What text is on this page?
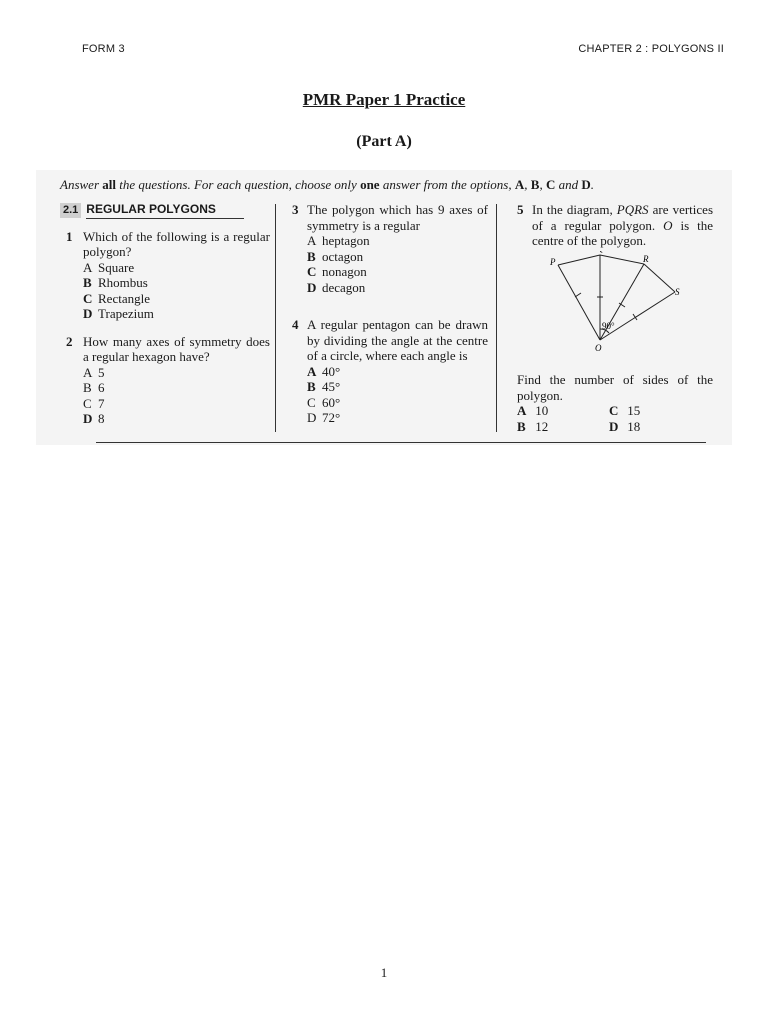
FORM 3	CHAPTER 2 : POLYGONS II
PMR Paper 1 Practice
(Part A)
Answer all the questions. For each question, choose only one answer from the options, A, B, C and D.
2.1 REGULAR POLYGONS
1 Which of the following is a regular polygon?
A Square
B Rhombus
C Rectangle
D Trapezium
2 How many axes of symmetry does a regular hexagon have?
A 5
B 6
C 7
D 8
3 The polygon which has 9 axes of symmetry is a regular
A heptagon
B octagon
C nonagon
D decagon
4 A regular pentagon can be drawn by dividing the angle at the centre of a circle, where each angle is
A 40°
B 45°
C 60°
D 72°
5 In the diagram, PQRS are vertices of a regular polygon. O is the centre of the polygon.
P	R
S
O
90°
Find the number of sides of the polygon.
A 10	C 15
B 12	D 18
1
